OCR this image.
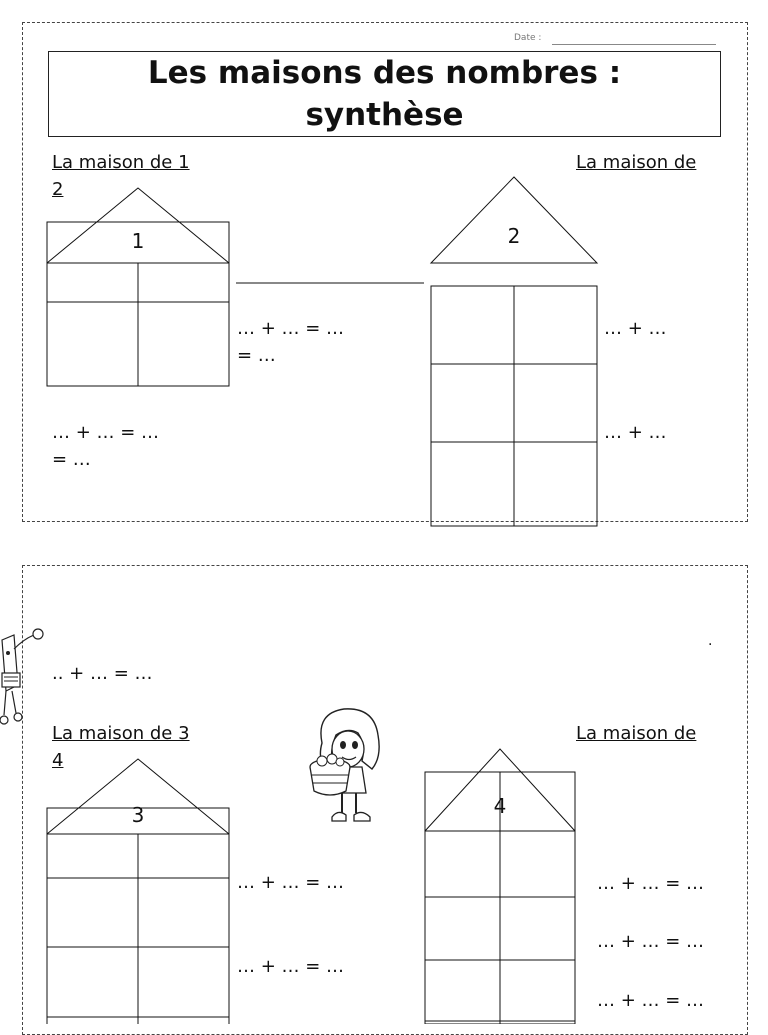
Date :
Les maisons des nombres :
synthèse
La maison de 1
2
La maison de
1	2
3	4
… + … = …
= …
… + … = …
= …
… + …
… + …
.. + … = …
.
La maison de 3
4
La maison de
… + … = …
… + … = …
… + … = …
… + … = …
… + … = …
